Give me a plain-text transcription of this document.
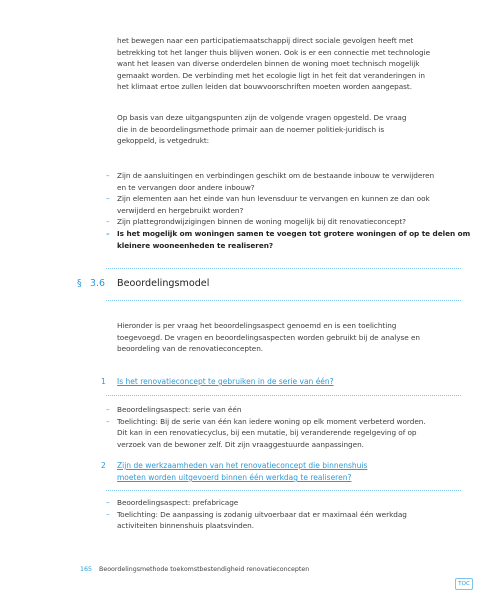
het bewegen naar een participatiemaatschappij direct sociale gevolgen heeft met
betrekking tot het langer thuis blijven wonen. Ook is er een connectie met technologie
want het leasen van diverse onderdelen binnen de woning moet technisch mogelijk
gemaakt worden. De verbinding met het ecologie ligt in het feit dat veranderingen in
het klimaat ertoe zullen leiden dat bouwvoorschriften moeten worden aangepast.
Op basis van deze uitgangspunten zijn de volgende vragen opgesteld. De vraag
die in de beoordelingsmethode primair aan de noemer politiek-juridisch is
gekoppeld, is vetgedrukt:
– Zijn de aansluitingen en verbindingen geschikt om de bestaande inbouw te verwijderen
en te vervangen door andere inbouw?
– Zijn elementen aan het einde van hun levensduur te vervangen en kunnen ze dan ook
verwijderd en hergebruikt worden?
– Zijn plattegrondwijzigingen binnen de woning mogelijk bij dit renovatieconcept?
– Is het mogelijk om woningen samen te voegen tot grotere woningen of op te delen om
kleinere wooneenheden te realiseren?
§ 3.6 Beoordelingsmodel
Hieronder is per vraag het beoordelingsaspect genoemd en is een toelichting
toegevoegd. De vragen en beoordelingsaspecten worden gebruikt bij de analyse en
beoordeling van de renovatieconcepten.
1 Is het renovatieconcept te gebruiken in de serie van één?
– Beoordelingsaspect: serie van één
– Toelichting: Bij de serie van één kan iedere woning op elk moment verbeterd worden.
Dit kan in een renovatiecyclus, bij een mutatie, bij veranderende regelgeving of op
verzoek van de bewoner zelf. Dit zijn vraaggestuurde aanpassingen.
2 Zijn de werkzaamheden van het renovatieconcept die binnenshuis
moeten worden uitgevoerd binnen één werkdag te realiseren?
– Beoordelingsaspect: prefabricage
– Toelichting: De aanpassing is zodanig uitvoerbaar dat er maximaal één werkdag
activiteiten binnenshuis plaatsvinden.
165 Beoordelingsmethode toekomstbestendigheid renovatieconcepten
TOC
